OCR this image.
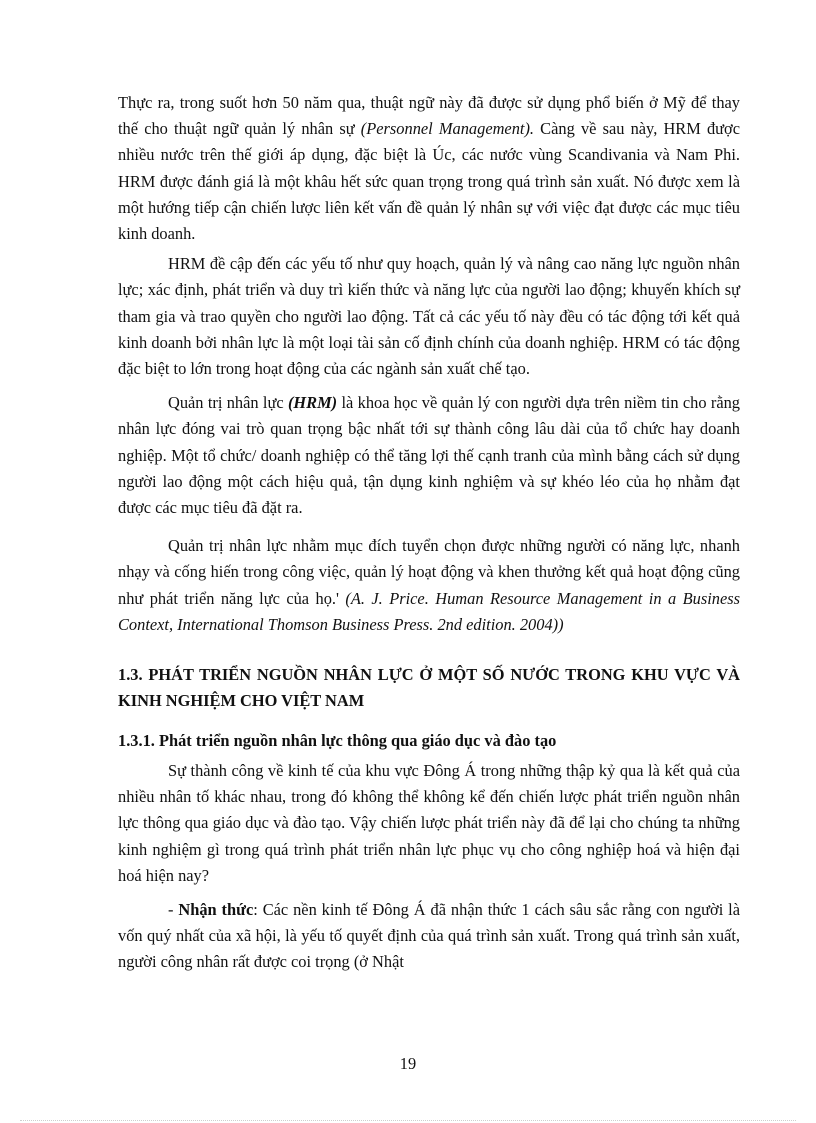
Thực ra, trong suốt hơn 50 năm qua, thuật ngữ này đã được sử dụng phổ biến ở Mỹ để thay thế cho thuật ngữ quản lý nhân sự (Personnel Management). Càng về sau này, HRM được nhiều nước trên thế giới áp dụng, đặc biệt là Úc, các nước vùng Scandivania và Nam Phi. HRM được đánh giá là một khâu hết sức quan trọng trong quá trình sản xuất. Nó được xem là một hướng tiếp cận chiến lược liên kết vấn đề quản lý nhân sự với việc đạt được các mục tiêu kinh doanh.

HRM đề cập đến các yếu tố như quy hoạch, quản lý và nâng cao năng lực nguồn nhân lực; xác định, phát triển và duy trì kiến thức và năng lực của người lao động; khuyến khích sự tham gia và trao quyền cho người lao động. Tất cả các yếu tố này đều có tác động tới kết quả kinh doanh bởi nhân lực là một loại tài sản cố định chính của doanh nghiệp. HRM có tác động đặc biệt to lớn trong hoạt động của các ngành sản xuất chế tạo.

Quản trị nhân lực (HRM) là khoa học về quản lý con người dựa trên niềm tin cho rằng nhân lực đóng vai trò quan trọng bậc nhất tới sự thành công lâu dài của tổ chức hay doanh nghiệp. Một tổ chức/ doanh nghiệp có thể tăng lợi thế cạnh tranh của mình bằng cách sử dụng người lao động một cách hiệu quả, tận dụng kinh nghiệm và sự khéo léo của họ nhằm đạt được các mục tiêu đã đặt ra.

Quản trị nhân lực nhằm mục đích tuyển chọn được những người có năng lực, nhanh nhạy và cống hiến trong công việc, quản lý hoạt động và khen thưởng kết quả hoạt động cũng như phát triển năng lực của họ.' (A. J. Price. Human Resource Management in a Business Context, International Thomson Business Press. 2nd edition. 2004))

1.3. PHÁT TRIỂN NGUỒN NHÂN LỰC Ở MỘT SỐ NƯỚC TRONG KHU VỰC VÀ KINH NGHIỆM CHO VIỆT NAM

1.3.1. Phát triển nguồn nhân lực thông qua giáo dục và đào tạo

Sự thành công về kinh tế của khu vực Đông Á trong những thập kỷ qua là kết quả của nhiều nhân tố khác nhau, trong đó không thể không kể đến chiến lược phát triển nguồn nhân lực thông qua giáo dục và đào tạo. Vậy chiến lược phát triển này đã để lại cho chúng ta những kinh nghiệm gì trong quá trình phát triển nhân lực phục vụ cho công nghiệp hoá và hiện đại hoá hiện nay?

- Nhận thức: Các nền kinh tế Đông Á đã nhận thức 1 cách sâu sắc rằng con người là vốn quý nhất của xã hội, là yếu tố quyết định của quá trình sản xuất. Trong quá trình sản xuất, người công nhân rất được coi trọng (ở Nhật

19
